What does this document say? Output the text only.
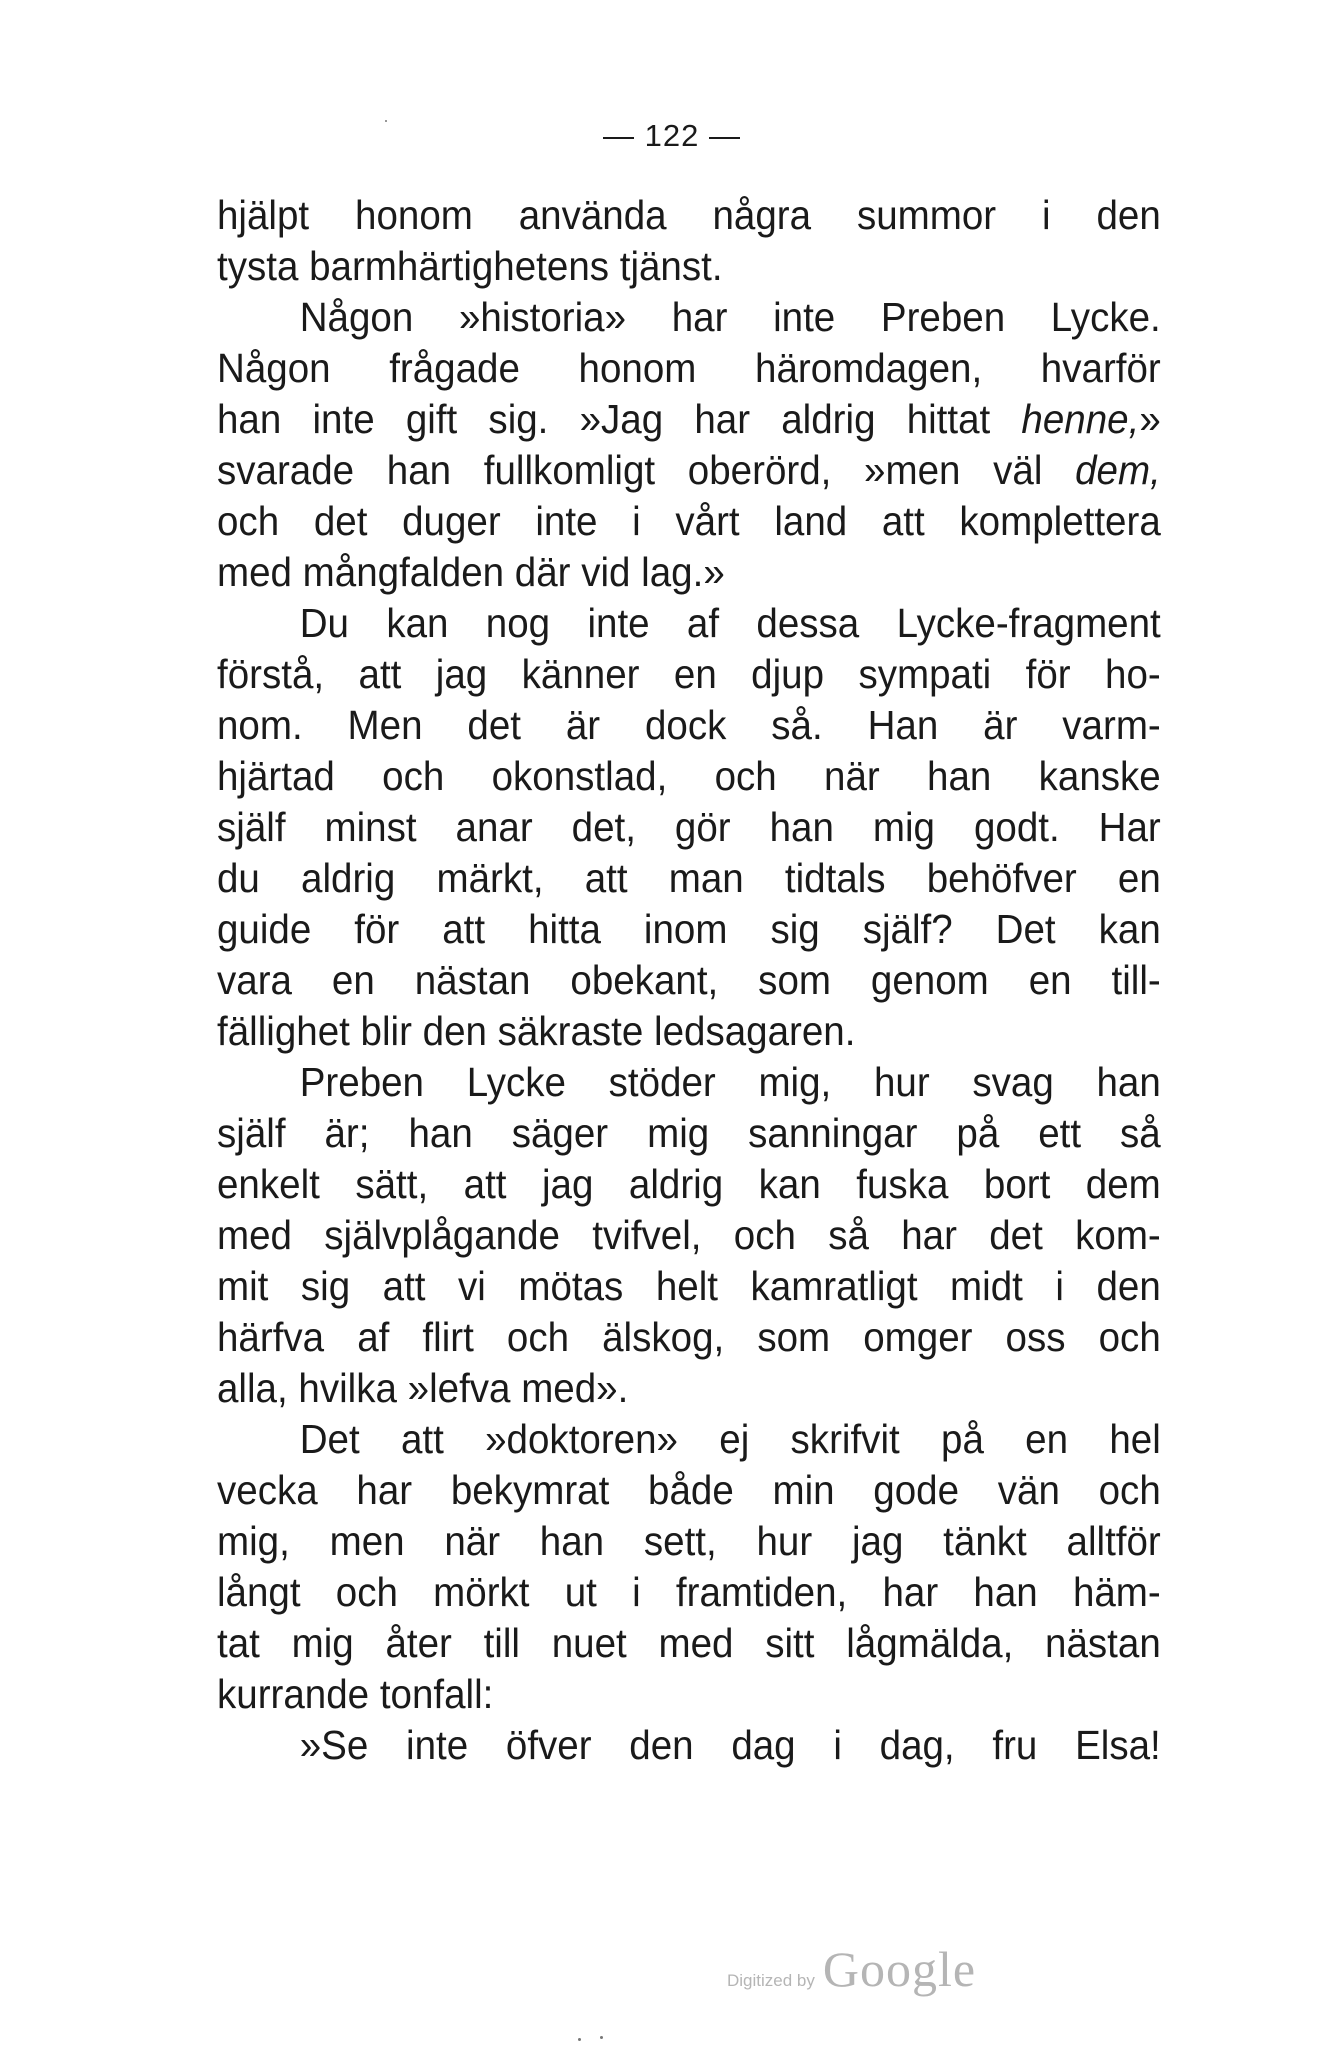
— 122 —
hjälpt honom använda några summor i den
tysta barmhärtighetens tjänst.
Någon »historia» har inte Preben Lycke.
Någon frågade honom häromdagen, hvarför
han inte gift sig. »Jag har aldrig hittat henne,»
svarade han fullkomligt oberörd, »men väl dem,
och det duger inte i vårt land att komplettera
med mångfalden där vid lag.»
Du kan nog inte af dessa Lycke-fragment
förstå, att jag känner en djup sympati för ho-
nom. Men det är dock så. Han är varm-
hjärtad och okonstlad, och när han kanske
själf minst anar det, gör han mig godt. Har
du aldrig märkt, att man tidtals behöfver en
guide för att hitta inom sig själf? Det kan
vara en nästan obekant, som genom en till-
fällighet blir den säkraste ledsagaren.
Preben Lycke stöder mig, hur svag han
själf är; han säger mig sanningar på ett så
enkelt sätt, att jag aldrig kan fuska bort dem
med självplågande tvifvel, och så har det kom-
mit sig att vi mötas helt kamratligt midt i den
härfva af flirt och älskog, som omger oss och
alla, hvilka »lefva med».
Det att »doktoren» ej skrifvit på en hel
vecka har bekymrat både min gode vän och
mig, men när han sett, hur jag tänkt alltför
långt och mörkt ut i framtiden, har han häm-
tat mig åter till nuet med sitt lågmälda, nästan
kurrande tonfall:
»Se inte öfver den dag i dag, fru Elsa!
Digitized by Google
